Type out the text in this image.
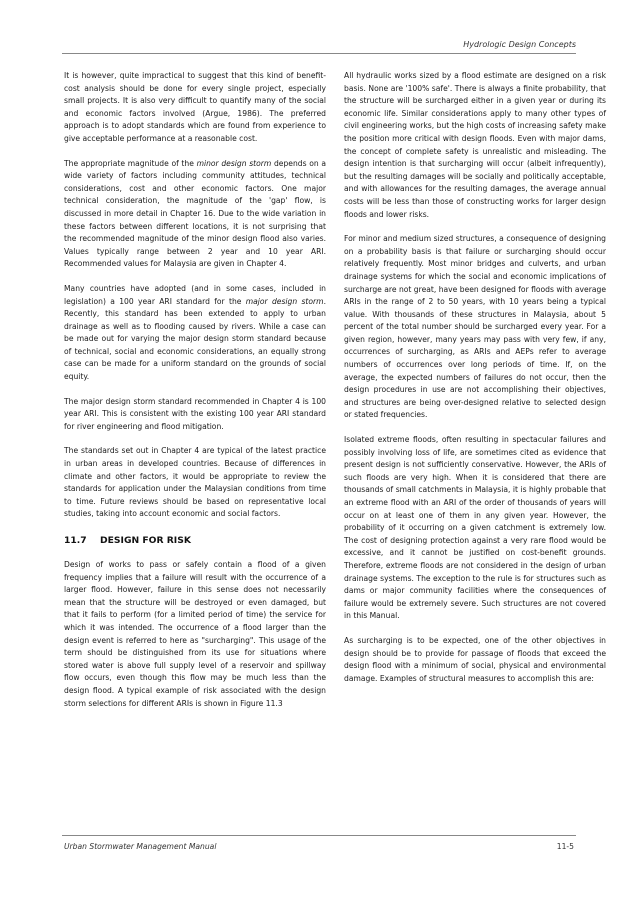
Hydrologic Design Concepts

It is however, quite impractical to suggest that this kind of benefit-cost analysis should be done for every single project, especially small projects. It is also very difficult to quantify many of the social and economic factors involved (Argue, 1986). The preferred approach is to adopt standards which are found from experience to give acceptable performance at a reasonable cost.

The appropriate magnitude of the minor design storm depends on a wide variety of factors including community attitudes, technical considerations, cost and other economic factors. One major technical consideration, the magnitude of the 'gap' flow, is discussed in more detail in Chapter 16. Due to the wide variation in these factors between different locations, it is not surprising that the recommended magnitude of the minor design flood also varies. Values typically range between 2 year and 10 year ARI. Recommended values for Malaysia are given in Chapter 4.

Many countries have adopted (and in some cases, included in legislation) a 100 year ARI standard for the major design storm. Recently, this standard has been extended to apply to urban drainage as well as to flooding caused by rivers. While a case can be made out for varying the major design storm standard because of technical, social and economic considerations, an equally strong case can be made for a uniform standard on the grounds of social equity.

The major design storm standard recommended in Chapter 4 is 100 year ARI. This is consistent with the existing 100 year ARI standard for river engineering and flood mitigation.

The standards set out in Chapter 4 are typical of the latest practice in urban areas in developed countries. Because of differences in climate and other factors, it would be appropriate to review the standards for application under the Malaysian conditions from time to time. Future reviews should be based on representative local studies, taking into account economic and social factors.

11.7 DESIGN FOR RISK

Design of works to pass or safely contain a flood of a given frequency implies that a failure will result with the occurrence of a larger flood. However, failure in this sense does not necessarily mean that the structure will be destroyed or even damaged, but that it fails to perform (for a limited period of time) the service for which it was intended. The occurrence of a flood larger than the design event is referred to here as "surcharging". This usage of the term should be distinguished from its use for situations where stored water is above full supply level of a reservoir and spillway flow occurs, even though this flow may be much less than the design flood. A typical example of risk associated with the design storm selections for different ARIs is shown in Figure 11.3

All hydraulic works sized by a flood estimate are designed on a risk basis. None are '100% safe'. There is always a finite probability, that the structure will be surcharged either in a given year or during its economic life. Similar considerations apply to many other types of civil engineering works, but the high costs of increasing safety make the position more critical with design floods. Even with major dams, the concept of complete safety is unrealistic and misleading. The design intention is that surcharging will occur (albeit infrequently), but the resulting damages will be socially and politically acceptable, and with allowances for the resulting damages, the average annual costs will be less than those of constructing works for larger design floods and lower risks.

For minor and medium sized structures, a consequence of designing on a probability basis is that failure or surcharging should occur relatively frequently. Most minor bridges and culverts, and urban drainage systems for which the social and economic implications of surcharge are not great, have been designed for floods with average ARIs in the range of 2 to 50 years, with 10 years being a typical value. With thousands of these structures in Malaysia, about 5 percent of the total number should be surcharged every year. For a given region, however, many years may pass with very few, if any, occurrences of surcharging, as ARIs and AEPs refer to average numbers of occurrences over long periods of time. If, on the average, the expected numbers of failures do not occur, then the design procedures in use are not accomplishing their objectives, and structures are being over-designed relative to selected design or stated frequencies.

Isolated extreme floods, often resulting in spectacular failures and possibly involving loss of life, are sometimes cited as evidence that present design is not sufficiently conservative. However, the ARIs of such floods are very high. When it is considered that there are thousands of small catchments in Malaysia, it is highly probable that an extreme flood with an ARI of the order of thousands of years will occur on at least one of them in any given year. However, the probability of it occurring on a given catchment is extremely low. The cost of designing protection against a very rare flood would be excessive, and it cannot be justified on cost-benefit grounds. Therefore, extreme floods are not considered in the design of urban drainage systems. The exception to the rule is for structures such as dams or major community facilities where the consequences of failure would be extremely severe. Such structures are not covered in this Manual.

As surcharging is to be expected, one of the other objectives in design should be to provide for passage of floods that exceed the design flood with a minimum of social, physical and environmental damage. Examples of structural measures to accomplish this are:

Urban Stormwater Management Manual	11-5
